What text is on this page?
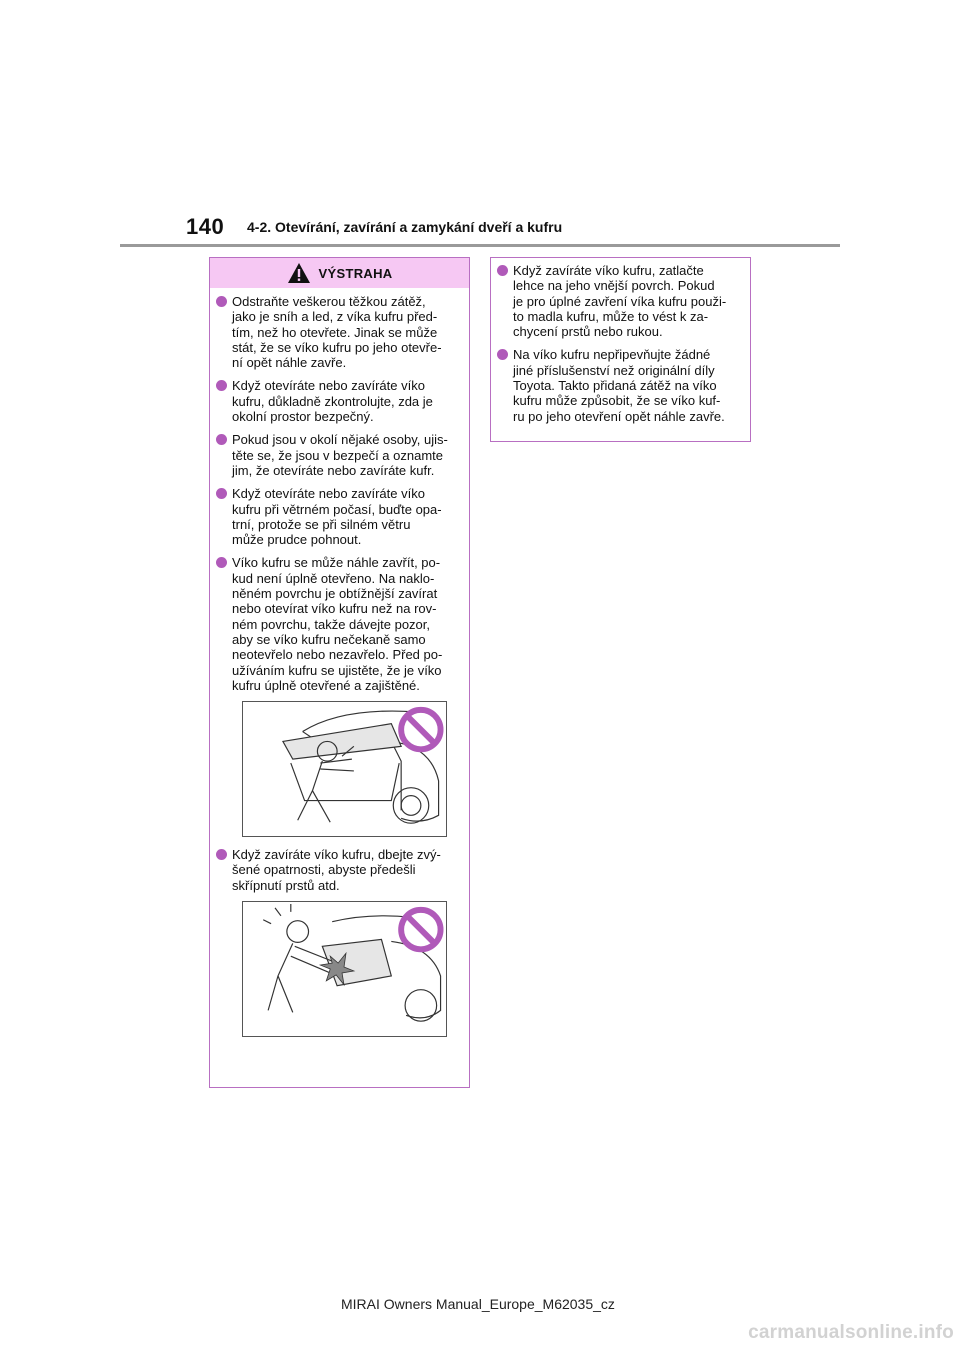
140 4-2. Otevírání, zavírání a zamykání dveří a kufru
VÝSTRAHA
Odstraňte veškerou těžkou zátěž,
jako je sníh a led, z víka kufru před-
tím, než ho otevřete. Jinak se může
stát, že se víko kufru po jeho otevře-
ní opět náhle zavře.
Když otevíráte nebo zavíráte víko
kufru, důkladně zkontrolujte, zda je
okolní prostor bezpečný.
Pokud jsou v okolí nějaké osoby, ujis-
těte se, že jsou v bezpečí a oznamte
jim, že otevíráte nebo zavíráte kufr.
Když otevíráte nebo zavíráte víko
kufru při větrném počasí, buďte opa-
trní, protože se při silném větru
může prudce pohnout.
Víko kufru se může náhle zavřít, po-
kud není úplně otevřeno. Na naklo-
něném povrchu je obtížnější zavírat
nebo otevírat víko kufru než na rov-
ném povrchu, takže dávejte pozor,
aby se víko kufru nečekaně samo
neotevřelo nebo nezavřelo. Před po-
užíváním kufru se ujistěte, že je víko
kufru úplně otevřené a zajištěné.
Když zavíráte víko kufru, dbejte zvý-
šené opatrnosti, abyste předešli
skřípnutí prstů atd.
Když zavíráte víko kufru, zatlačte
lehce na jeho vnější povrch. Pokud
je pro úplné zavření víka kufru použi-
to madla kufru, může to vést k za-
chycení prstů nebo rukou.
Na víko kufru nepřipevňujte žádné
jiné příslušenství než originální díly
Toyota. Takto přidaná zátěž na víko
kufru může způsobit, že se víko kuf-
ru po jeho otevření opět náhle zavře.
MIRAI Owners Manual_Europe_M62035_cz
carmanualsonline.info
